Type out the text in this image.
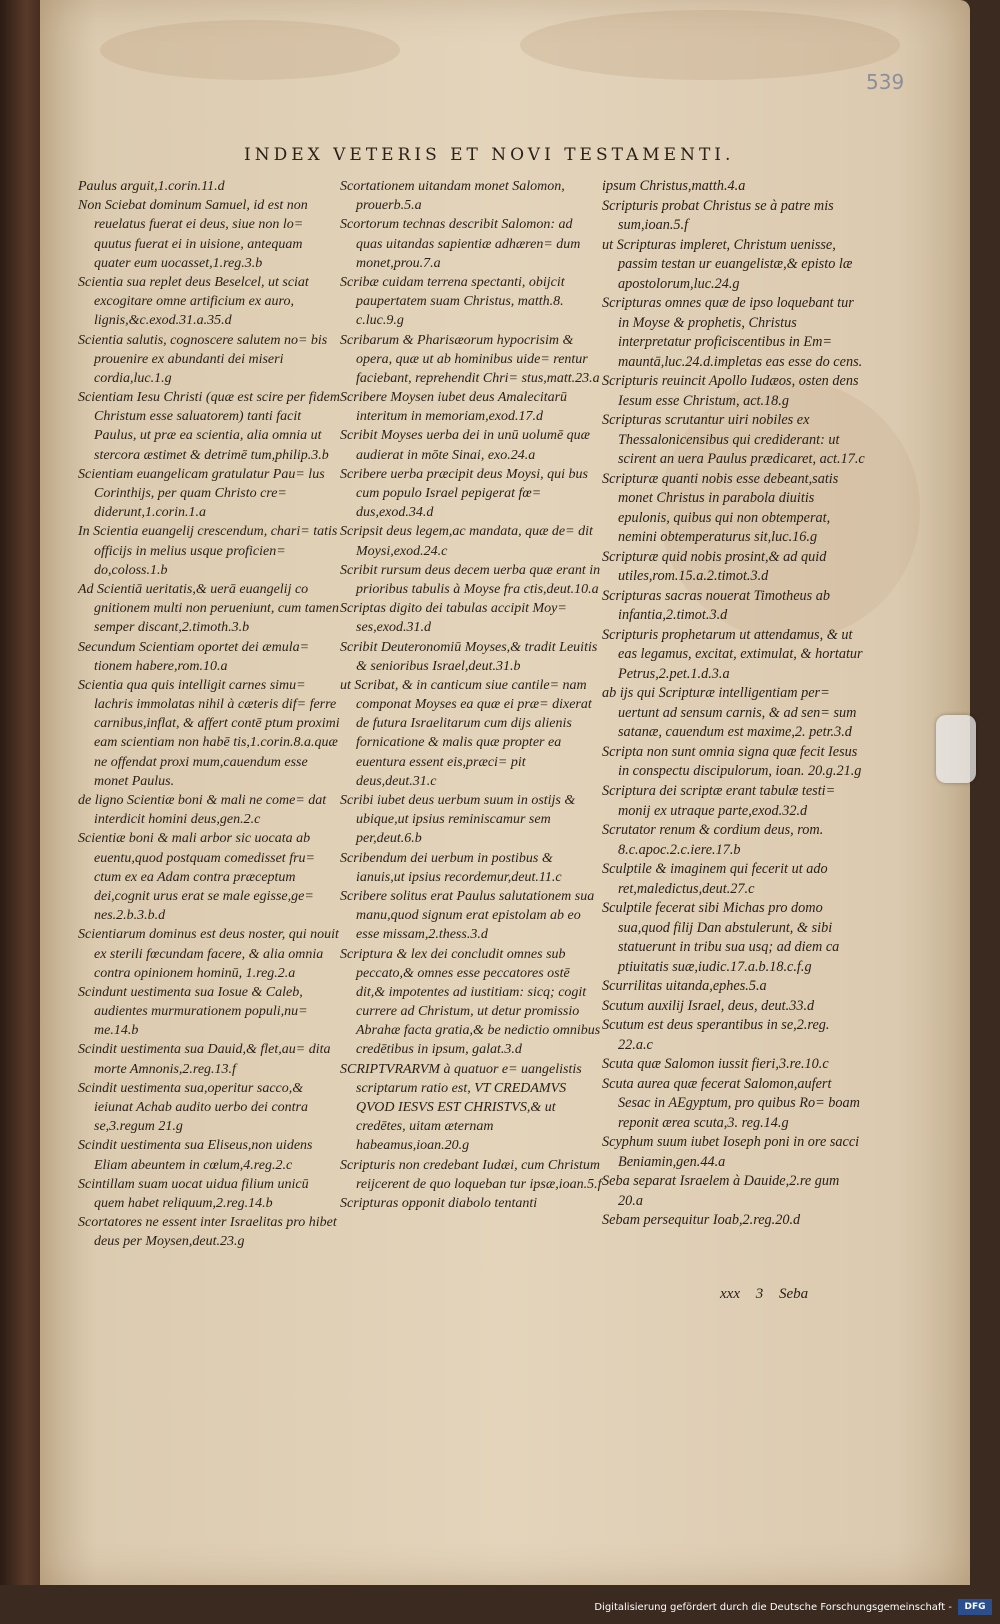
539
INDEX VETERIS ET NOVI TESTAMENTI.

Paulus arguit,1.corin.11.d

Non Sciebat dominum Samuel, id est non reuelatus fuerat ei deus, siue non lo= quutus fuerat ei in uisione, antequam quater eum uocasset,1.reg.3.b

Scientia sua replet deus Beselcel, ut sciat excogitare omne artificium ex auro, lignis,&c.exod.31.a.35.d

Scientia salutis, cognoscere salutem no= bis prouenire ex abundanti dei miseri cordia,luc.1.g

Scientiam Iesu Christi (quæ est scire per fidem Christum esse saluatorem) tanti facit Paulus, ut præ ea scientia, alia omnia ut stercora æstimet & detrimē tum,philip.3.b

Scientiam euangelicam gratulatur Pau= lus Corinthijs, per quam Christo cre= diderunt,1.corin.1.a

In Scientia euangelij crescendum, chari= tatis officijs in melius usque proficien= do,coloss.1.b

Ad Scientiā ueritatis,& uerā euangelij co gnitionem multi non perueniunt, cum tamen semper discant,2.timoth.3.b

Secundum Scientiam oportet dei æmula= tionem habere,rom.10.a

Scientia qua quis intelligit carnes simu= lachris immolatas nihil à cæteris dif= ferre carnibus,inflat, & affert contē ptum proximi eam scientiam non habē tis,1.corin.8.a.quæ ne offendat proxi mum,cauendum esse monet Paulus.

de ligno Scientiæ boni & mali ne come= dat interdicit homini deus,gen.2.c

Scientiæ boni & mali arbor sic uocata ab euentu,quod postquam comedisset fru= ctum ex ea Adam contra præceptum dei,cognit urus erat se male egisse,ge= nes.2.b.3.b.d

Scientiarum dominus est deus noster, qui nouit ex sterili fœcundam facere, & alia omnia contra opinionem hominū, 1.reg.2.a

Scindunt uestimenta sua Iosue & Caleb, audientes murmurationem populi,nu= me.14.b

Scindit uestimenta sua Dauid,& flet,au= dita morte Amnonis,2.reg.13.f

Scindit uestimenta sua,operitur sacco,& ieiunat Achab audito uerbo dei contra se,3.regum 21.g

Scindit uestimenta sua Eliseus,non uidens Eliam abeuntem in cœlum,4.reg.2.c

Scintillam suam uocat uidua filium unicū quem habet reliquum,2.reg.14.b

Scortatores ne essent inter Israelitas pro hibet deus per Moysen,deut.23.g

Scortationem uitandam monet Salomon, prouerb.5.a

Scortorum technas describit Salomon: ad quas uitandas sapientiæ adhæren= dum monet,prou.7.a

Scribæ cuidam terrena spectanti, obijcit paupertatem suam Christus, matth.8. c.luc.9.g

Scribarum & Pharisæorum hypocrisim & opera, quæ ut ab hominibus uide= rentur faciebant, reprehendit Chri= stus,matt.23.a

Scribere Moysen iubet deus Amalecitarū interitum in memoriam,exod.17.d

Scribit Moyses uerba dei in unū uolumē quæ audierat in mōte Sinai, exo.24.a

Scribere uerba præcipit deus Moysi, qui bus cum populo Israel pepigerat fœ= dus,exod.34.d

Scripsit deus legem,ac mandata, quæ de= dit Moysi,exod.24.c

Scribit rursum deus decem uerba quæ erant in prioribus tabulis à Moyse fra ctis,deut.10.a

Scriptas digito dei tabulas accipit Moy= ses,exod.31.d

Scribit Deuteronomiū Moyses,& tradit Leuitis & senioribus Israel,deut.31.b

ut Scribat, & in canticum siue cantile= nam componat Moyses ea quæ ei præ= dixerat de futura Israelitarum cum dijs alienis fornicatione & malis quæ propter ea euentura essent eis,præci= pit deus,deut.31.c

Scribi iubet deus uerbum suum in ostijs & ubique,ut ipsius reminiscamur sem per,deut.6.b

Scribendum dei uerbum in postibus & ianuis,ut ipsius recordemur,deut.11.c

Scribere solitus erat Paulus salutationem sua manu,quod signum erat epistolam ab eo esse missam,2.thess.3.d

Scriptura & lex dei concludit omnes sub peccato,& omnes esse peccatores ostē dit,& impotentes ad iustitiam: sicq; cogit currere ad Christum, ut detur promissio Abrahæ facta gratia,& be nedictio omnibus credētibus in ipsum, galat.3.d

SCRIPTVRARVM à quatuor e= uangelistis scriptarum ratio est, VT CREDAMVS QVOD IESVS EST CHRISTVS,& ut credētes, uitam æternam habeamus,ioan.20.g

Scripturis non credebant Iudæi, cum Christum reijcerent de quo loqueban tur ipsæ,ioan.5.f

Scripturas opponit diabolo tentanti

ipsum Christus,matth.4.a

Scripturis probat Christus se à patre mis sum,ioan.5.f

ut Scripturas impleret, Christum uenisse, passim testan ur euangelistæ,& episto læ apostolorum,luc.24.g

Scripturas omnes quæ de ipso loquebant tur in Moyse & prophetis, Christus interpretatur proficiscentibus in Em= mauntā,luc.24.d.impletas eas esse do cens.

Scripturis reuincit Apollo Iudæos, osten dens Iesum esse Christum, act.18.g

Scripturas scrutantur uiri nobiles ex Thessalonicensibus qui crediderant: ut scirent an uera Paulus prædicaret, act.17.c

Scripturæ quanti nobis esse debeant,satis monet Christus in parabola diuitis epulonis, quibus qui non obtemperat, nemini obtemperaturus sit,luc.16.g

Scripturæ quid nobis prosint,& ad quid utiles,rom.15.a.2.timot.3.d

Scripturas sacras nouerat Timotheus ab infantia,2.timot.3.d

Scripturis prophetarum ut attendamus, & ut eas legamus, excitat, extimulat, & hortatur Petrus,2.pet.1.d.3.a

ab ijs qui Scripturæ intelligentiam per= uertunt ad sensum carnis, & ad sen= sum satanæ, cauendum est maxime,2. petr.3.d

Scripta non sunt omnia signa quæ fecit Iesus in conspectu discipulorum, ioan. 20.g.21.g

Scriptura dei scriptæ erant tabulæ testi= monij ex utraque parte,exod.32.d

Scrutator renum & cordium deus, rom. 8.c.apoc.2.c.iere.17.b

Sculptile & imaginem qui fecerit ut ado ret,maledictus,deut.27.c

Sculptile fecerat sibi Michas pro domo sua,quod filij Dan abstulerunt, & sibi statuerunt in tribu sua usq; ad diem ca ptiuitatis suæ,iudic.17.a.b.18.c.f.g

Scurrilitas uitanda,ephes.5.a

Scutum auxilij Israel, deus, deut.33.d

Scutum est deus sperantibus in se,2.reg. 22.a.c

Scuta quæ Salomon iussit fieri,3.re.10.c

Scuta aurea quæ fecerat Salomon,aufert Sesac in AEgyptum, pro quibus Ro= boam reponit ærea scuta,3. reg.14.g

Scyphum suum iubet Ioseph poni in ore sacci Beniamin,gen.44.a

Seba separat Israelem à Dauide,2.re gum 20.a

Sebam persequitur Ioab,2.reg.20.d

xxx 3 Seba
Digitalisierung gefördert durch die Deutsche Forschungsgemeinschaft -	DFG
